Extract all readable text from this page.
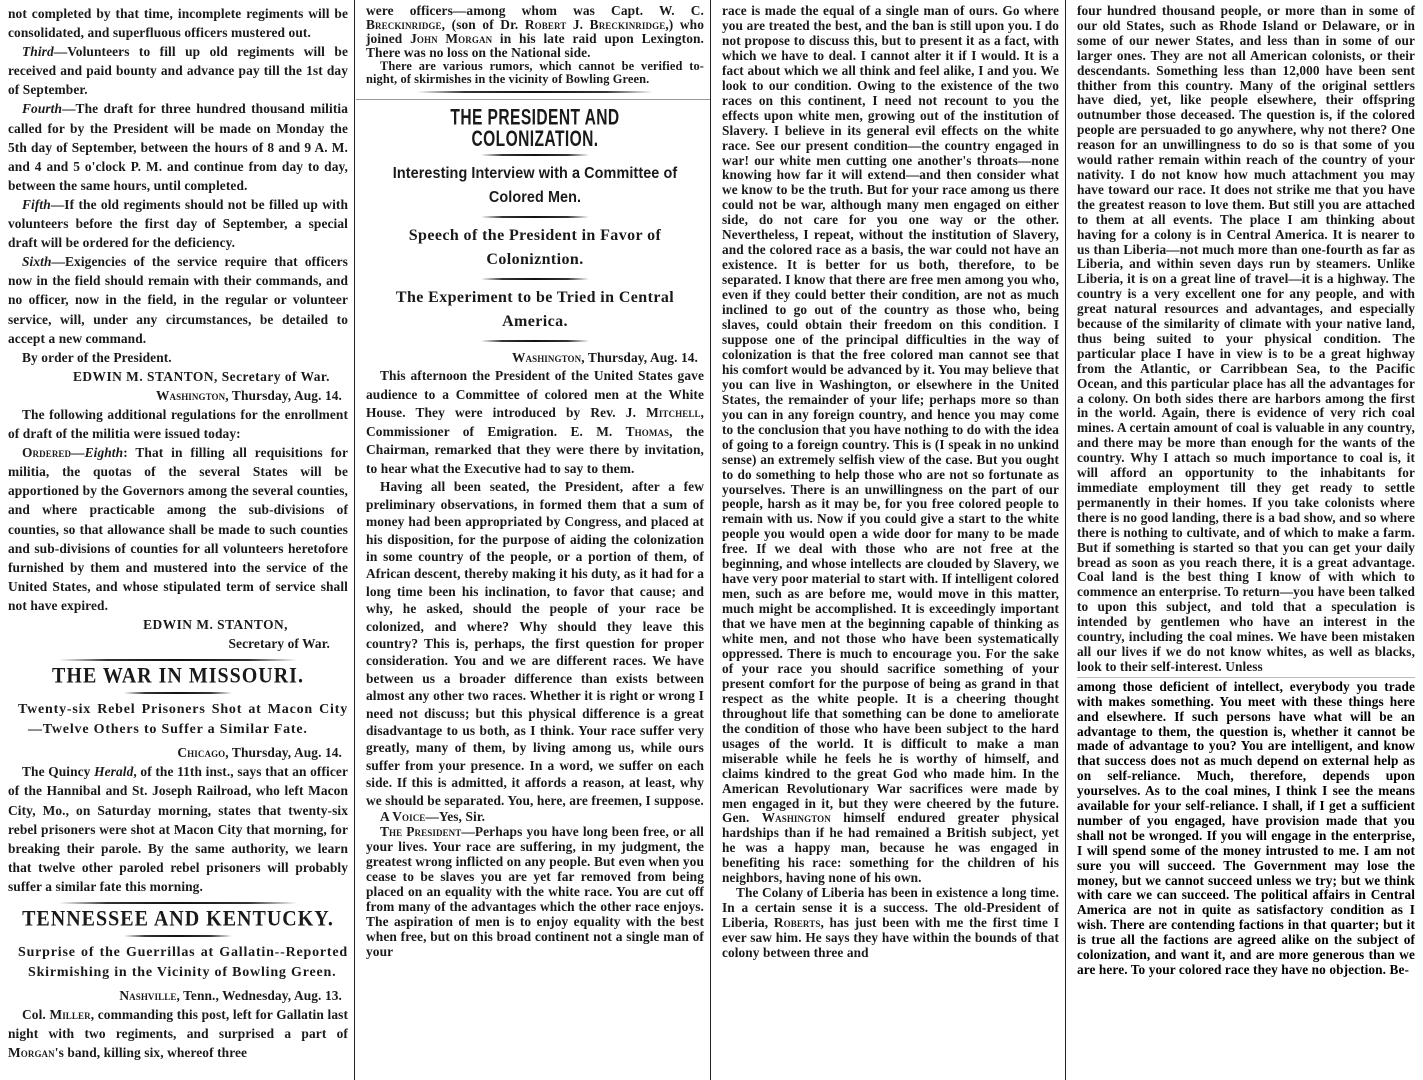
not completed by that time, incomplete regiments will be consolidated, and superfluous officers mustered out.

Third—Volunteers to fill up old regiments will be received and paid bounty and advance pay till the 1st day of September.

Fourth—The draft for three hundred thousand militia called for by the President will be made on Monday the 5th day of September, between the hours of 8 and 9 A. M. and 4 and 5 o'clock P. M. and continue from day to day, between the same hours, until completed.

Fifth—If the old regiments should not be filled up with volunteers before the first day of September, a special draft will be ordered for the deficiency.

Sixth—Exigencies of the service require that officers now in the field should remain with their commands, and no officer, now in the field, in the regular or volunteer service, will, under any circumstances, be detailed to accept a new command.

By order of the President.

EDWIN M. STANTON, Secretary of War.

Washington, Thursday, Aug. 14.

The following additional regulations for the enrollment of draft of the militia were issued today:

Ordered—Eighth: That in filling all requisitions for militia, the quotas of the several States will be apportioned by the Governors among the several counties, and where practicable among the sub-divisions of counties, so that allowance shall be made to such counties and sub-divisions of counties for all volunteers heretofore furnished by them and mustered into the service of the United States, and whose stipulated term of service shall not have expired.

EDWIN M. STANTON,

Secretary of War.

THE WAR IN MISSOURI.
Twenty-six Rebel Prisoners Shot at Macon City—Twelve Others to Suffer a Similar Fate.

Chicago, Thursday, Aug. 14.

The Quincy Herald, of the 11th inst., says that an officer of the Hannibal and St. Joseph Railroad, who left Macon City, Mo., on Saturday morning, states that twenty-six rebel prisoners were shot at Macon City that morning, for breaking their parole. By the same authority, we learn that twelve other paroled rebel prisoners will probably suffer a similar fate this morning.

TENNESSEE AND KENTUCKY.
Surprise of the Guerrillas at Gallatin--Reported Skirmishing in the Vicinity of Bowling Green.

Nashville, Tenn., Wednesday, Aug. 13.

Col. Miller, commanding this post, left for Gallatin last night with two regiments, and surprised a part of Morgan's band, killing six, whereof three

were officers—among whom was Capt. W. C. Breckinridge, (son of Dr. Robert J. Breckinridge,) who joined John Morgan in his late raid upon Lexington. There was no loss on the National side.

There are various rumors, which cannot be verified to-night, of skirmishes in the vicinity of Bowling Green.

THE PRESIDENT AND COLONIZATION.
Interesting Interview with a Committee of Colored Men.
Speech of the President in Favor of Colonizntion.
The Experiment to be Tried in Central America.

Washington, Thursday, Aug. 14.

This afternoon the President of the United States gave audience to a Committee of colored men at the White House. They were introduced by Rev. J. Mitchell, Commissioner of Emigration. E. M. Thomas, the Chairman, remarked that they were there by invitation, to hear what the Executive had to say to them.

Having all been seated, the President, after a few preliminary observations, in formed them that a sum of money had been appropriated by Congress, and placed at his disposition, for the purpose of aiding the colonization in some country of the people, or a portion of them, of African descent, thereby making it his duty, as it had for a long time been his inclination, to favor that cause; and why, he asked, should the people of your race be colonized, and where? Why should they leave this country? This is, perhaps, the first question for proper consideration. You and we are different races. We have between us a broader difference than exists between almost any other two races. Whether it is right or wrong I need not discuss; but this physical difference is a great disadvantage to us both, as I think. Your race suffer very greatly, many of them, by living among us, while ours suffer from your presence. In a word, we suffer on each side. If this is admitted, it affords a reason, at least, why we should be separated. You, here, are freemen, I suppose.

A Voice—Yes, Sir.

The President—Perhaps you have long been free, or all your lives. Your race are suffering, in my judgment, the greatest wrong inflicted on any people. But even when you cease to be slaves you are yet far removed from being placed on an equality with the white race. You are cut off from many of the advantages which the other race enjoys. The aspiration of men is to enjoy equality with the best when free, but on this broad continent not a single man of your

race is made the equal of a single man of ours. Go where you are treated the best, and the ban is still upon you. I do not propose to discuss this, but to present it as a fact, with which we have to deal. I cannot alter it if I would. It is a fact about which we all think and feel alike, I and you. We look to our condition. Owing to the existence of the two races on this continent, I need not recount to you the effects upon white men, growing out of the institution of Slavery. I believe in its general evil effects on the white race. See our present condition—the country engaged in war! our white men cutting one another's throats—none knowing how far it will extend—and then consider what we know to be the truth. But for your race among us there could not be war, although many men engaged on either side, do not care for you one way or the other. Nevertheless, I repeat, without the institution of Slavery, and the colored race as a basis, the war could not have an existence. It is better for us both, therefore, to be separated. I know that there are free men among you who, even if they could better their condition, are not as much inclined to go out of the country as those who, being slaves, could obtain their freedom on this condition. I suppose one of the principal difficulties in the way of colonization is that the free colored man cannot see that his comfort would be advanced by it. You may believe that you can live in Washington, or elsewhere in the United States, the remainder of your life; perhaps more so than you can in any foreign country, and hence you may come to the conclusion that you have nothing to do with the idea of going to a foreign country. This is (I speak in no unkind sense) an extremely selfish view of the case. But you ought to do something to help those who are not so fortunate as yourselves. There is an unwillingness on the part of our people, harsh as it may be, for you free colored people to remain with us. Now if you could give a start to the white people you would open a wide door for many to be made free. If we deal with those who are not free at the beginning, and whose intellects are clouded by Slavery, we have very poor material to start with. If intelligent colored men, such as are before me, would move in this matter, much might be accomplished. It is exceedingly important that we have men at the beginning capable of thinking as white men, and not those who have been systematically oppressed. There is much to encourage you. For the sake of your race you should sacrifice something of your present comfort for the purpose of being as grand in that respect as the white people. It is a cheering thought throughout life that something can be done to ameliorate the condition of those who have been subject to the hard usages of the world. It is difficult to make a man miserable while he feels he is worthy of himself, and claims kindred to the great God who made him. In the American Revolutionary War sacrifices were made by men engaged in it, but they were cheered by the future. Gen. Washington himself endured greater physical hardships than if he had remained a British subject, yet he was a happy man, because he was engaged in benefiting his race: something for the children of his neighbors, having none of his own.

The Colany of Liberia has been in existence a long time. In a certain sense it is a success. The old-President of Liberia, Roberts, has just been with me the first time I ever saw him. He says they have within the bounds of that colony between three and

four hundred thousand people, or more than in some of our old States, such as Rhode Island or Delaware, or in some of our newer States, and less than in some of our larger ones. They are not all American colonists, or their descendants. Something less than 12,000 have been sent thither from this country. Many of the original settlers have died, yet, like people elsewhere, their offspring outnumber those deceased. The question is, if the colored people are persuaded to go anywhere, why not there? One reason for an unwillingness to do so is that some of you would rather remain within reach of the country of your nativity. I do not know how much attachment you may have toward our race. It does not strike me that you have the greatest reason to love them. But still you are attached to them at all events. The place I am thinking about having for a colony is in Central America. It is nearer to us than Liberia—not much more than one-fourth as far as Liberia, and within seven days run by steamers. Unlike Liberia, it is on a great line of travel—it is a highway. The country is a very excellent one for any people, and with great natural resources and advantages, and especially because of the similarity of climate with your native land, thus being suited to your physical condition. The particular place I have in view is to be a great highway from the Atlantic, or Carribbean Sea, to the Pacific Ocean, and this particular place has all the advantages for a colony. On both sides there are harbors among the first in the world. Again, there is evidence of very rich coal mines. A certain amount of coal is valuable in any country, and there may be more than enough for the wants of the country. Why I attach so much importance to coal is, it will afford an opportunity to the inhabitants for immediate employment till they get ready to settle permanently in their homes. If you take colonists where there is no good landing, there is a bad show, and so where there is nothing to cultivate, and of which to make a farm. But if something is started so that you can get your daily bread as soon as you reach there, it is a great advantage. Coal land is the best thing I know of with which to commence an enterprise. To return—you have been talked to upon this subject, and told that a speculation is intended by gentlemen who have an interest in the country, including the coal mines. We have been mistaken all our lives if we do not know whites, as well as blacks, look to their self-interest. Unless

among those deficient of intellect, everybody you trade with makes something. You meet with these things here and elsewhere. If such persons have what will be an advantage to them, the question is, whether it cannot be made of advantage to you? You are intelligent, and know that success does not as much depend on external help as on self-reliance. Much, therefore, depends upon yourselves. As to the coal mines, I think I see the means available for your self-reliance. I shall, if I get a sufficient number of you engaged, have provision made that you shall not be wronged. If you will engage in the enterprise, I will spend some of the money intrusted to me. I am not sure you will succeed. The Government may lose the money, but we cannot succeed unless we try; but we think with care we can succeed. The political affairs in Central America are not in quite as satisfactory condition as I wish. There are contending factions in that quarter; but it is true all the factions are agreed alike on the subject of colonization, and want it, and are more generous than we are here. To your colored race they have no objection. Be-
